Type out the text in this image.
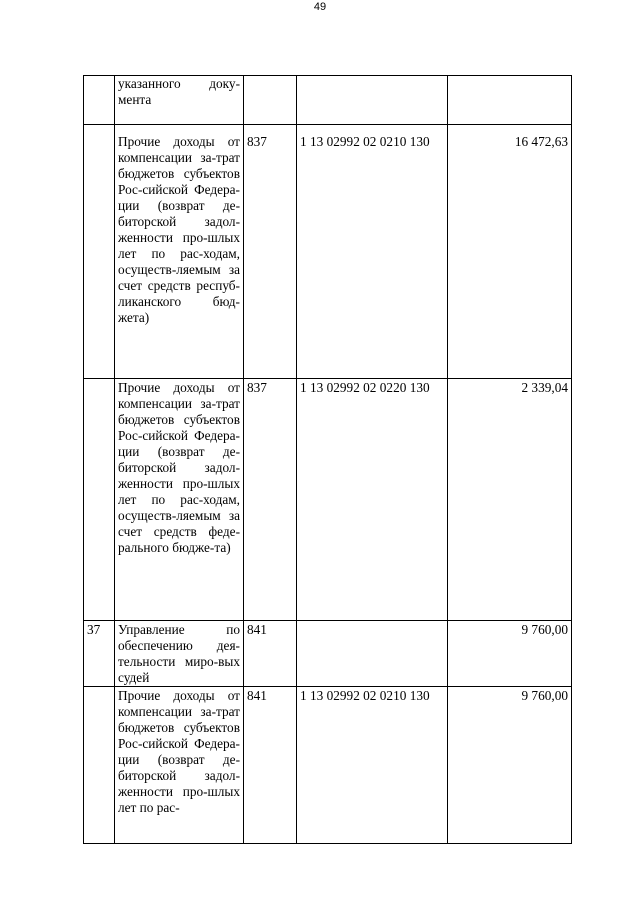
49
	указанного доку-мента			
	Прочие доходы от компенсации за-трат бюджетов субъектов Рос-сийской Федера-ции (возврат де-биторской задол-женности про-шлых лет по рас-ходам, осуществ-ляемым за счет средств респуб-ликанского бюд-жета)	837	1 13 02992 02 0210 130	16 472,63
	Прочие доходы от компенсации за-трат бюджетов субъектов Рос-сийской Федера-ции (возврат де-биторской задол-женности про-шлых лет по рас-ходам, осуществ-ляемым за счет средств феде-рального бюдже-та)	837	1 13 02992 02 0220 130	2 339,04
37	Управление по обеспечению дея-тельности миро-вых судей	841		9 760,00
	Прочие доходы от компенсации за-трат бюджетов субъектов Рос-сийской Федера-ции (возврат де-биторской задол-женности про-шлых лет по рас-	841	1 13 02992 02 0210 130	9 760,00
